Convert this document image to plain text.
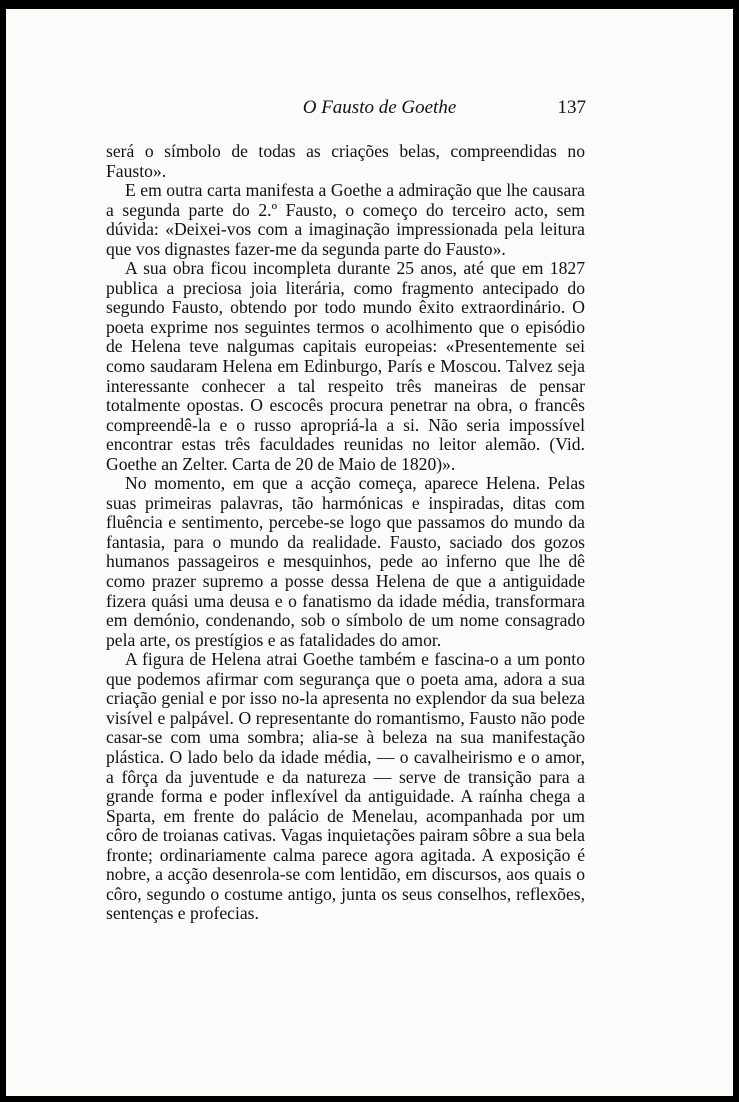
O Fausto de Goethe	137

será o símbolo de todas as criações belas, compreendidas no Fausto».

E em outra carta manifesta a Goethe a admiração que lhe causara a segunda parte do 2.º Fausto, o começo do terceiro acto, sem dúvida: «Deixei-vos com a imaginação impressionada pela leitura que vos dignastes fazer-me da segunda parte do Fausto».

A sua obra ficou incompleta durante 25 anos, até que em 1827 publica a preciosa joia literária, como fragmento antecipado do segundo Fausto, obtendo por todo mundo êxito extraordinário. O poeta exprime nos seguintes termos o acolhimento que o episódio de Helena teve nalgumas capitais europeias: «Presentemente sei como saudaram Helena em Edinburgo, París e Moscou. Talvez seja interessante conhecer a tal respeito três maneiras de pensar totalmente opostas. O escocês procura penetrar na obra, o francês compreendê-la e o russo apropriá-la a si. Não seria impossível encontrar estas três faculdades reunidas no leitor alemão. (Vid. Goethe an Zelter. Carta de 20 de Maio de 1820)».

No momento, em que a acção começa, aparece Helena. Pelas suas primeiras palavras, tão harmónicas e inspiradas, ditas com fluência e sentimento, percebe-se logo que passamos do mundo da fantasia, para o mundo da realidade. Fausto, saciado dos gozos humanos passageiros e mesquinhos, pede ao inferno que lhe dê como prazer supremo a posse dessa Helena de que a antiguidade fizera quási uma deusa e o fanatismo da idade média, transformara em demónio, condenando, sob o símbolo de um nome consagrado pela arte, os prestígios e as fatalidades do amor.

A figura de Helena atrai Goethe também e fascina-o a um ponto que podemos afirmar com segurança que o poeta ama, adora a sua criação genial e por isso no-la apresenta no explendor da sua beleza visível e palpável. O representante do romantismo, Fausto não pode casar-se com uma sombra; alia-se à beleza na sua manifestação plástica. O lado belo da idade média, — o cavalheirismo e o amor, a fôrça da juventude e da natureza — serve de transição para a grande forma e poder inflexível da antiguidade. A raínha chega a Sparta, em frente do palácio de Menelau, acompanhada por um côro de troianas cativas. Vagas inquietações pairam sôbre a sua bela fronte; ordinariamente calma parece agora agitada. A exposição é nobre, a acção desenrola-se com lentidão, em discursos, aos quais o côro, segundo o costume antigo, junta os seus conselhos, reflexões, sentenças e profecias.
